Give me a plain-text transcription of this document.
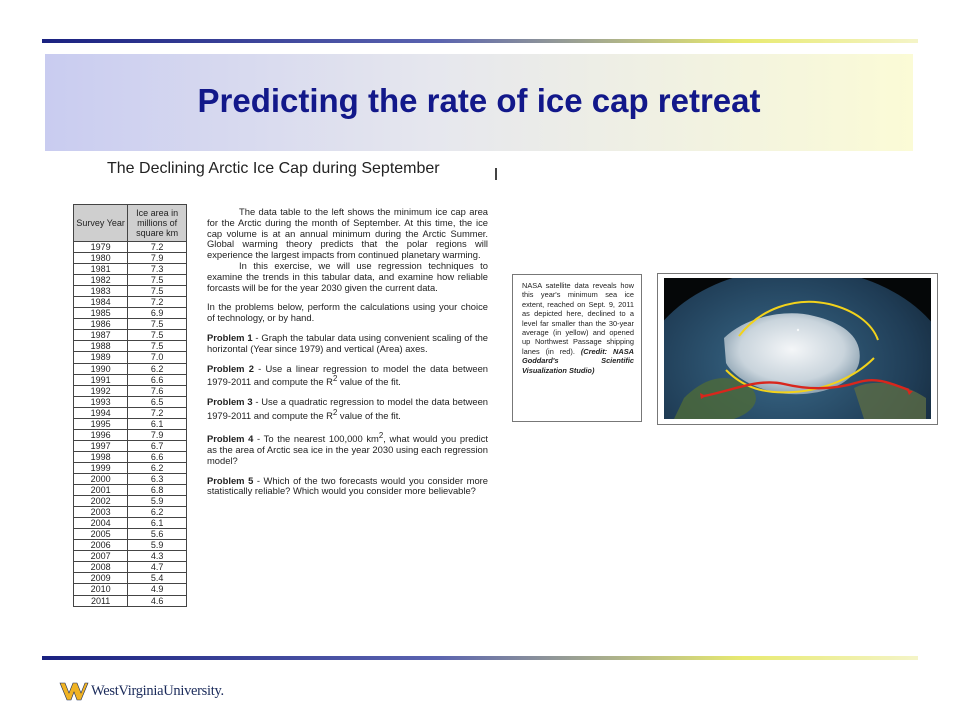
Predicting the rate of ice cap retreat
The Declining Arctic Ice Cap during September
Survey Year	Ice area in millions of square km
1979	7.2
1980	7.9
1981	7.3
1982	7.5
1983	7.5
1984	7.2
1985	6.9
1986	7.5
1987	7.5
1988	7.5
1989	7.0
1990	6.2
1991	6.6
1992	7.6
1993	6.5
1994	7.2
1995	6.1
1996	7.9
1997	6.7
1998	6.6
1999	6.2
2000	6.3
2001	6.8
2002	5.9
2003	6.2
2004	6.1
2005	5.6
2006	5.9
2007	4.3
2008	4.7
2009	5.4
2010	4.9
2011	4.6

The data table to the left shows the minimum ice cap area for the Arctic during the month of September. At this time, the ice cap volume is at an annual minimum during the Arctic Summer. Global warming theory predicts that the polar regions will experience the largest impacts from continued planetary warming.

In this exercise, we will use regression techniques to examine the trends in this tabular data, and examine how reliable forcasts will be for the year 2030 given the current data.

In the problems below, perform the calculations using your choice of technology, or by hand.

Problem 1 - Graph the tabular data using convenient scaling of the horizontal (Year since 1979) and vertical (Area) axes.

Problem 2 - Use a linear regression to model the data between 1979-2011 and compute the $R^2$ value of the fit.

Problem 3 - Use a quadratic regression to model the data between 1979-2011 and compute the $R^2$ value of the fit.

Problem 4 - To the nearest 100,000 $km^2$, what would you predict as the area of Arctic sea ice in the year 2030 using each regression model?

Problem 5 - Which of the two forecasts would you consider more statistically reliable? Which would you consider more believable?

NASA satellite data reveals how this year's minimum sea ice extent, reached on Sept. 9, 2011 as depicted here, declined to a level far smaller than the 30-year average (in yellow) and opened up Northwest Passage shipping lanes (in red). (Credit: NASA Goddard's Scientific Visualization Studio)
WestVirginiaUniversity.
